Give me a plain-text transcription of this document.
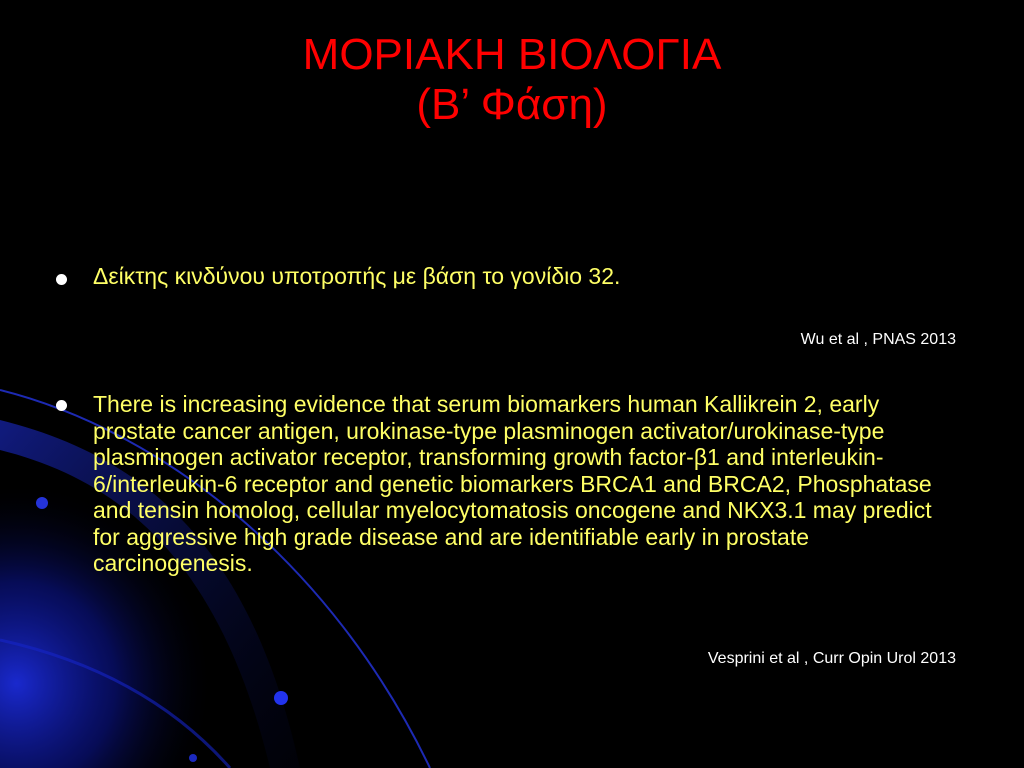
ΜΟΡΙΑΚΗ ΒΙΟΛΟΓΙΑ
(Β’ Φάση)
Δείκτης κινδύνου υποτροπής με βάση το γονίδιο 32.
Wu et al , PNAS 2013
There is increasing evidence that serum biomarkers human Kallikrein 2, early prostate cancer antigen, urokinase-type plasminogen activator/urokinase-type plasminogen activator receptor, transforming growth factor-β1 and interleukin-6/interleukin-6 receptor and genetic biomarkers BRCA1 and BRCA2, Phosphatase and tensin homolog, cellular myelocytomatosis oncogene and NKX3.1 may predict for aggressive high grade disease and are identifiable early in prostate carcinogenesis.
Vesprini et al , Curr Opin Urol 2013
